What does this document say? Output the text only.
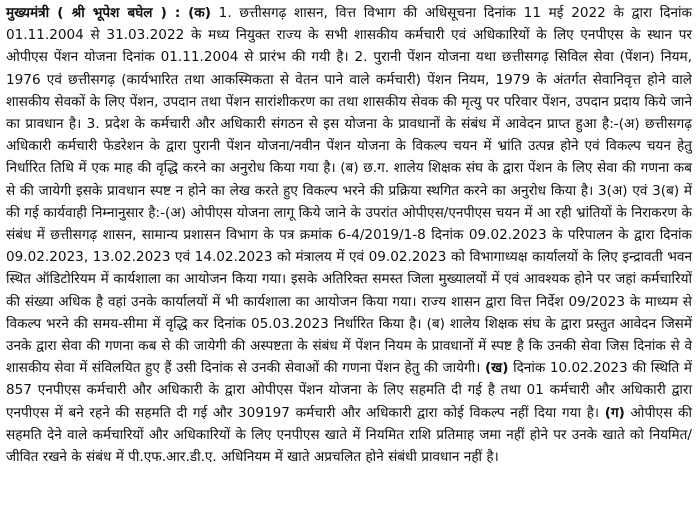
मुख्यमंत्री ( श्री भूपेश बघेल ) : (क) 1. छत्तीसगढ़ शासन, वित्त विभाग की अधिसूचना दिनांक 11 मई 2022 के द्वारा दिनांक 01.11.2004 से 31.03.2022 के मध्य नियुक्त राज्य के सभी शासकीय कर्मचारी एवं अधिकारियों के लिए एनपीएस के स्थान पर ओपीएस पेंशन योजना दिनांक 01.11.2004 से प्रारंभ की गयी है। 2. पुरानी पेंशन योजना यथा छत्तीसगढ़ सिविल सेवा (पेंशन) नियम, 1976 एवं छत्तीसगढ़ (कार्यभारित तथा आकस्मिकता से वेतन पाने वाले कर्मचारी) पेंशन नियम, 1979 के अंतर्गत सेवानिवृत्त होने वाले शासकीय सेवकों के लिए पेंशन, उपदान तथा पेंशन सारांशीकरण का तथा शासकीय सेवक की मृत्यु पर परिवार पेंशन, उपदान प्रदाय किये जाने का प्रावधान है। 3. प्रदेश के कर्मचारी और अधिकारी संगठन से इस योजना के प्रावधानों के संबंध में आवेदन प्राप्त हुआ है:-(अ) छत्तीसगढ़ अधिकारी कर्मचारी फेडरेशन के द्वारा पुरानी पेंशन योजना/नवीन पेंशन योजना के विकल्प चयन में भ्रांति उत्पन्न होने एवं विकल्प चयन हेतु निर्धारित तिथि में एक माह की वृद्धि करने का अनुरोध किया गया है। (ब) छ.ग. शालेय शिक्षक संघ के द्वारा पेंशन के लिए सेवा की गणना कब से की जायेगी इसके प्रावधान स्पष्ट न होने का लेख करते हुए विकल्प भरने की प्रक्रिया स्थगित करने का अनुरोध किया है। 3(अ) एवं 3(ब) में की गई कार्यवाही निम्नानुसार है:-(अ) ओपीएस योजना लागू किये जाने के उपरांत ओपीएस/एनपीएस चयन में आ रही भ्रांतियों के निराकरण के संबंध में छत्तीसगढ़ शासन, सामान्य प्रशासन विभाग के पत्र क्रमांक 6-4/2019/1-8 दिनांक 09.02.2023 के परिपालन के द्वारा दिनांक 09.02.2023, 13.02.2023 एवं 14.02.2023 को मंत्रालय में एवं 09.02.2023 को विभागाध्यक्ष कार्यालयों के लिए इन्द्रावती भवन स्थित ऑडिटोरियम में कार्यशाला का आयोजन किया गया। इसके अतिरिक्त समस्त जिला मुख्यालयों में एवं आवश्यक होने पर जहां कर्मचारियों की संख्या अधिक है वहां उनके कार्यालयों में भी कार्यशाला का आयोजन किया गया। राज्य शासन द्वारा वित्त निर्देश 09/2023 के माध्यम से विकल्प भरने की समय-सीमा में वृद्धि कर दिनांक 05.03.2023 निर्धारित किया है। (ब) शालेय शिक्षक संघ के द्वारा प्रस्तुत आवेदन जिसमें उनके द्वारा सेवा की गणना कब से की जायेगी की अस्पष्टता के संबंध में पेंशन नियम के प्रावधानों में स्पष्ट है कि उनकी सेवा जिस दिनांक से वे शासकीय सेवा में संविलयित हुए हैं उसी दिनांक से उनकी सेवाओं की गणना पेंशन हेतु की जायेगी। (ख) दिनांक 10.02.2023 की स्थिति में 857 एनपीएस कर्मचारी और अधिकारी के द्वारा ओपीएस पेंशन योजना के लिए सहमति दी गई है तथा 01 कर्मचारी और अधिकारी द्वारा एनपीएस में बने रहने की सहमति दी गई और 309197 कर्मचारी और अधिकारी द्वारा कोई विकल्प नहीं दिया गया है। (ग) ओपीएस की सहमति देने वाले कर्मचारियों और अधिकारियों के लिए एनपीएस खाते में नियमित राशि प्रतिमाह जमा नहीं होने पर उनके खाते को नियमित/जीवित रखने के संबंध में पी.एफ.आर.डी.ए. अधिनियम में खाते अप्रचलित होने संबंधी प्रावधान नहीं है।
